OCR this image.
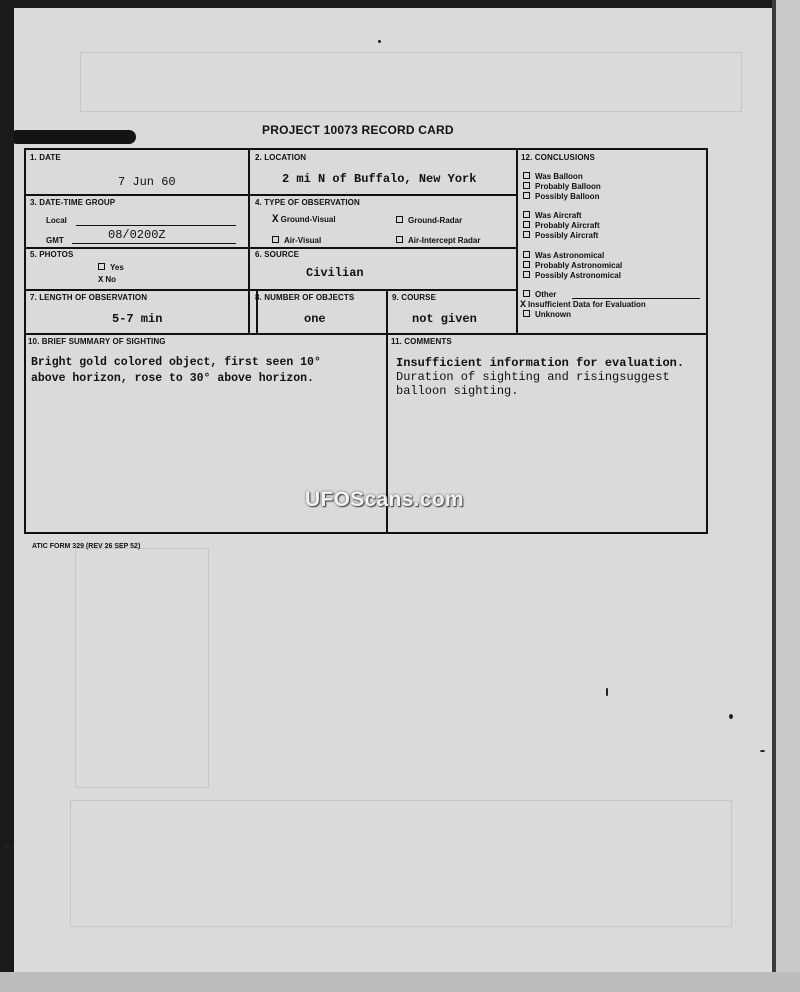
PROJECT 10073 RECORD CARD
1. DATE
7 Jun 60
2. LOCATION
2 mi N of Buffalo, New York
3. DATE-TIME GROUP
Local
GMT	08/0200Z
4. TYPE OF OBSERVATION
X Ground-Visual	Ground-Radar
Air-Visual	Air-Intercept Radar
5. PHOTOS
Yes
X No
6. SOURCE
Civilian
7. LENGTH OF OBSERVATION
5-7 min
8. NUMBER OF OBJECTS
one
9. COURSE
not given
12. CONCLUSIONS
Was Balloon
Probably Balloon
Possibly Balloon
Was Aircraft
Probably Aircraft
Possibly Aircraft
Was Astronomical
Probably Astronomical
Possibly Astronomical
Other
X Insufficient Data for Evaluation
Unknown
10. BRIEF SUMMARY OF SIGHTING
Bright gold colored object, first seen 10°
above horizon, rose to 30° above horizon.
11. COMMENTS
Insufficient information for evaluation.
Duration of sighting and risingsuggest
balloon sighting.
ATIC FORM 329 (REV 26 SEP 52)
UFOScans.com
